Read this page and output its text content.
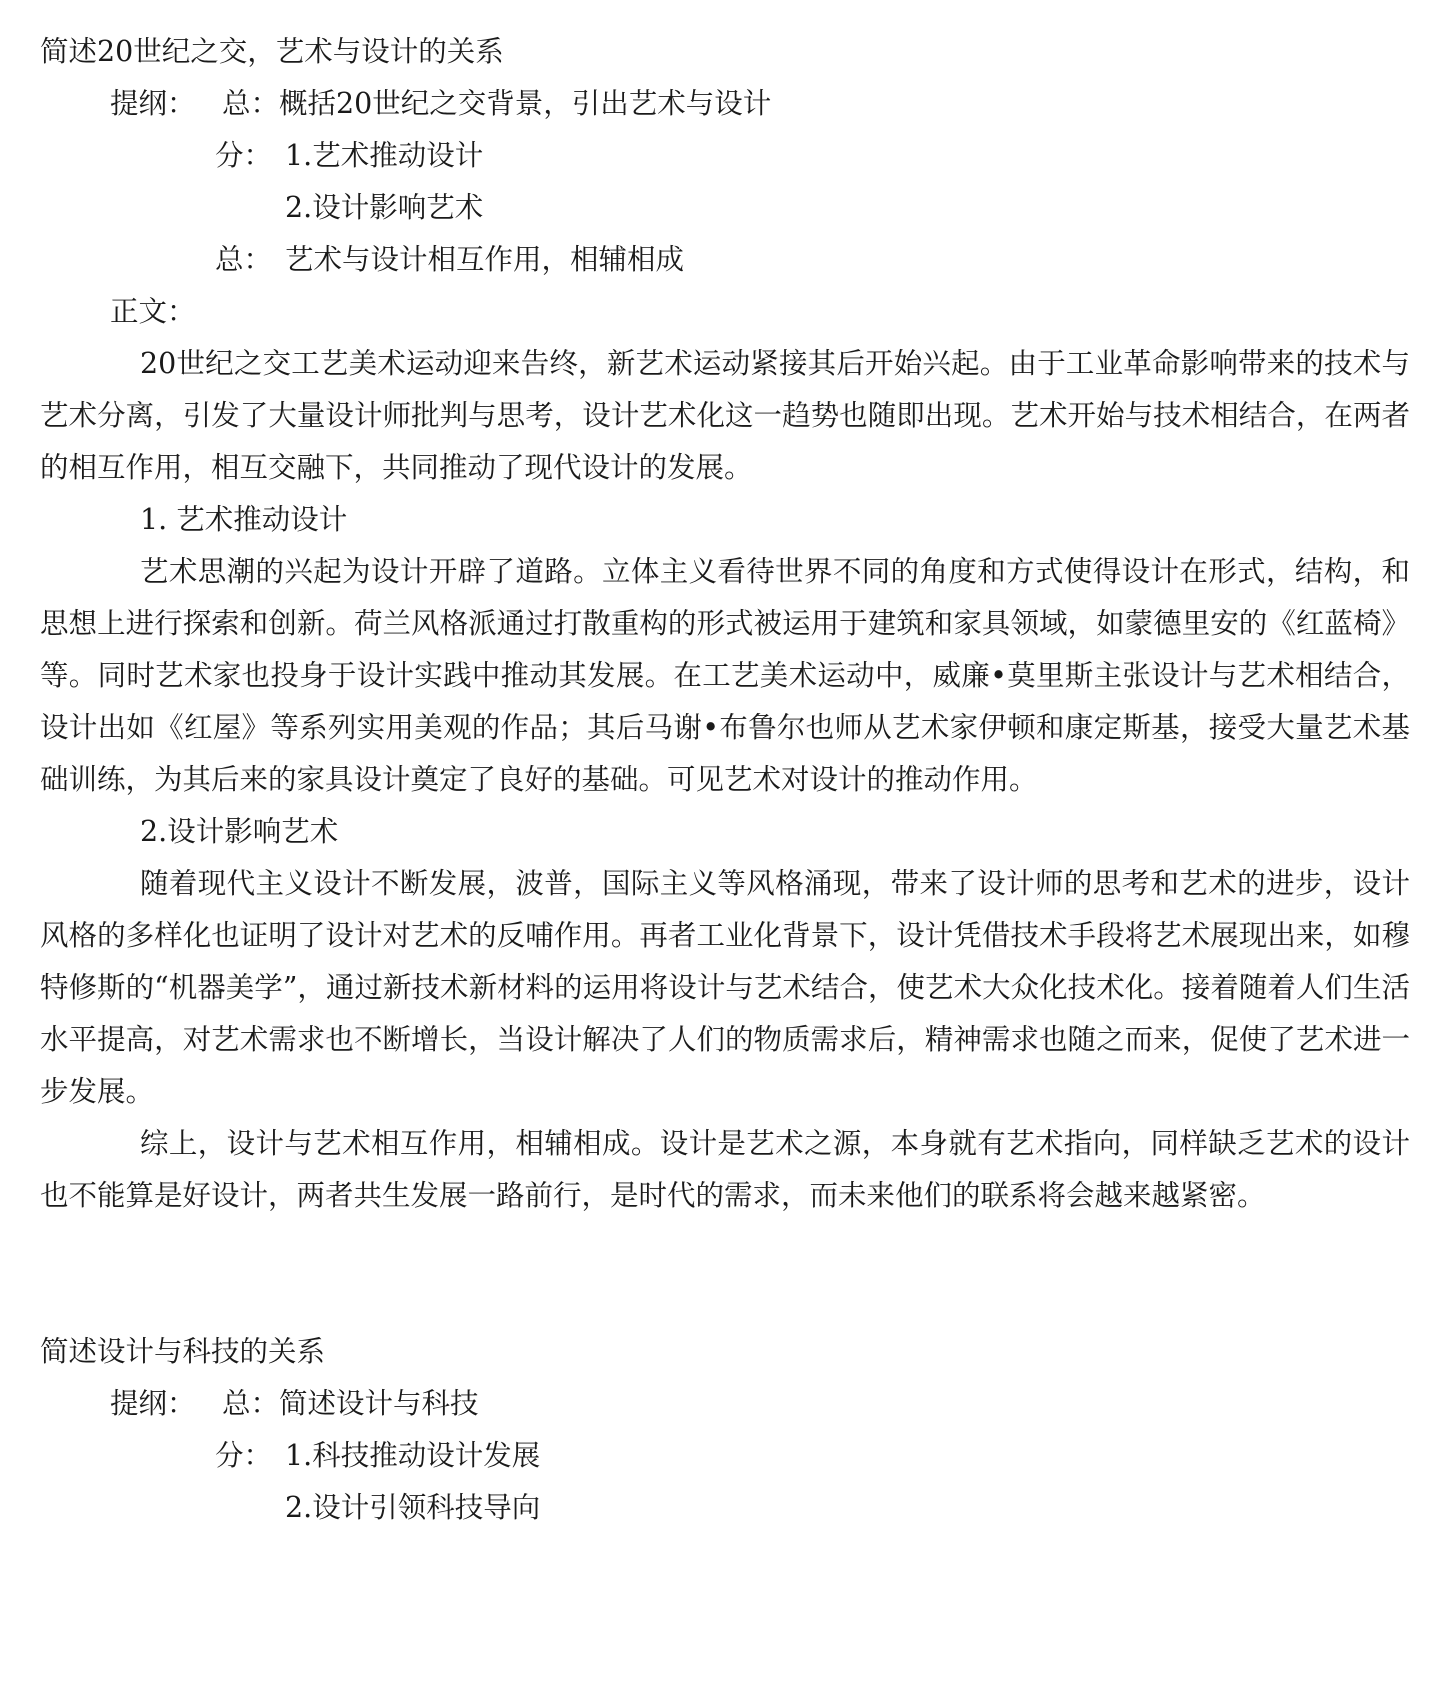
简述20世纪之交，艺术与设计的关系
提纲： 总： 概括20世纪之交背景，引出艺术与设计
分： 1.艺术推动设计
2.设计影响艺术
总： 艺术与设计相互作用，相辅相成
正文：
20世纪之交工艺美术运动迎来告终，新艺术运动紧接其后开始兴起。由于工业革命影响带来的技术与艺术分离，引发了大量设计师批判与思考，设计艺术化这一趋势也随即出现。艺术开始与技术相结合，在两者的相互作用，相互交融下，共同推动了现代设计的发展。
1. 艺术推动设计
艺术思潮的兴起为设计开辟了道路。立体主义看待世界不同的角度和方式使得设计在形式，结构，和思想上进行探索和创新。荷兰风格派通过打散重构的形式被运用于建筑和家具领域，如蒙德里安的《红蓝椅》等。同时艺术家也投身于设计实践中推动其发展。在工艺美术运动中，威廉•莫里斯主张设计与艺术相结合，设计出如《红屋》等系列实用美观的作品；其后马谢•布鲁尔也师从艺术家伊顿和康定斯基，接受大量艺术基础训练，为其后来的家具设计奠定了良好的基础。可见艺术对设计的推动作用。
2.设计影响艺术
随着现代主义设计不断发展，波普，国际主义等风格涌现，带来了设计师的思考和艺术的进步，设计风格的多样化也证明了设计对艺术的反哺作用。再者工业化背景下，设计凭借技术手段将艺术展现出来，如穆特修斯的“机器美学”，通过新技术新材料的运用将设计与艺术结合，使艺术大众化技术化。接着随着人们生活水平提高，对艺术需求也不断增长，当设计解决了人们的物质需求后，精神需求也随之而来，促使了艺术进一步发展。
综上，设计与艺术相互作用，相辅相成。设计是艺术之源，本身就有艺术指向，同样缺乏艺术的设计也不能算是好设计，两者共生发展一路前行，是时代的需求，而未来他们的联系将会越来越紧密。
简述设计与科技的关系
提纲： 总： 简述设计与科技
分： 1.科技推动设计发展
2.设计引领科技导向
